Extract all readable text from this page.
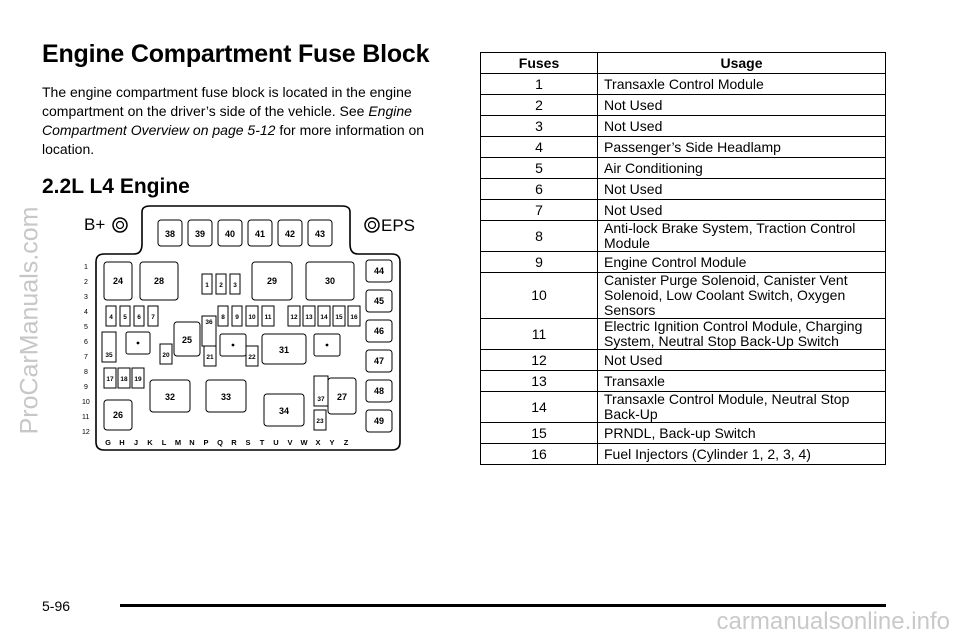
ProCarManuals.com
Engine Compartment Fuse Block

The engine compartment fuse block is located in the engine compartment on the driver’s side of the vehicle. See Engine Compartment Overview on page 5-12 for more information on location.

2.2L L4 Engine
B+	EPS
38 39 40 41 42 43
44
45
46
47
48
49
24	28	29	30
25
31
32	33
34
27
26
1 2 3
4 5 6 7	8 9 10 11	12 13 14 15 16
17 18 19
20	21	22
23
35
36
37
1
2
3
4
5
6
7
8
9
10
11
12
G H J K L M N P Q R S T U V W X Y Z
Fuses	Usage
1	Transaxle Control Module
2	Not Used
3	Not Used
4	Passenger’s Side Headlamp
5	Air Conditioning
6	Not Used
7	Not Used
8	Anti-lock Brake System, Traction Control Module
9	Engine Control Module
10	Canister Purge Solenoid, Canister Vent Solenoid, Low Coolant Switch, Oxygen Sensors
11	Electric Ignition Control Module, Charging System, Neutral Stop Back-Up Switch
12	Not Used
13	Transaxle
14	Transaxle Control Module, Neutral Stop Back-Up
15	PRNDL, Back-up Switch
16	Fuel Injectors (Cylinder 1, 2, 3, 4)
5-96
carmanualsonline.info
